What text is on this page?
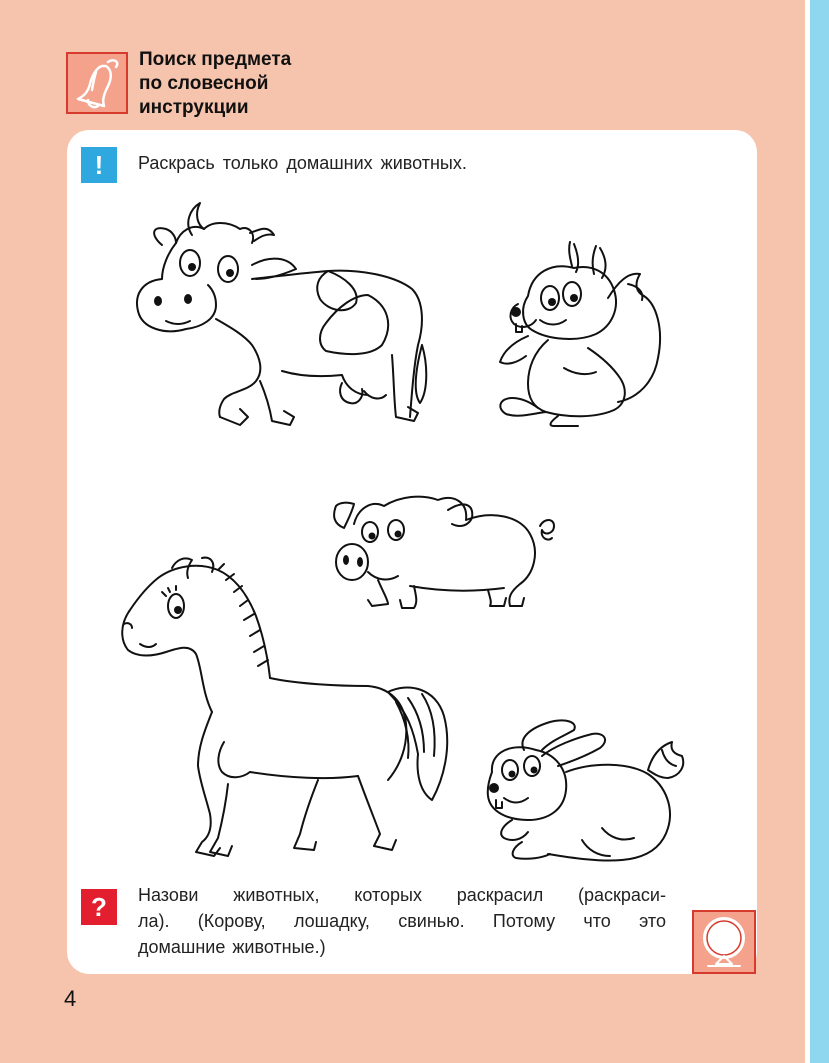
Поиск предмета
по словесной
инструкции
!	Раскрась только домашних животных.
?	Назови животных, которых раскрасил (раскраси-
ла). (Корову, лошадку, свинью. Потому что это
домашние животные.)
4
